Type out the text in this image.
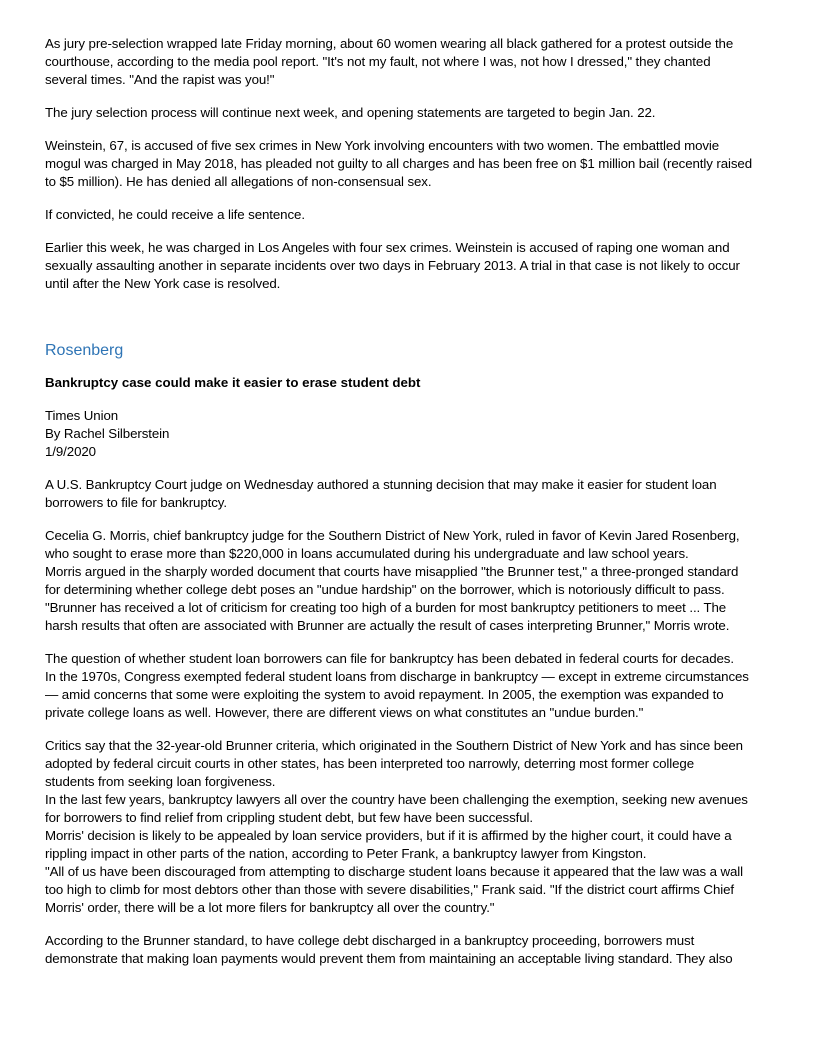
As jury pre-selection wrapped late Friday morning, about 60 women wearing all black gathered for a protest outside the
courthouse, according to the media pool report. "It's not my fault, not where I was, not how I dressed," they chanted
several times. "And the rapist was you!"

The jury selection process will continue next week, and opening statements are targeted to begin Jan. 22.

Weinstein, 67, is accused of five sex crimes in New York involving encounters with two women. The embattled movie
mogul was charged in May 2018, has pleaded not guilty to all charges and has been free on $1 million bail (recently raised
to $5 million). He has denied all allegations of non-consensual sex.

If convicted, he could receive a life sentence.

Earlier this week, he was charged in Los Angeles with four sex crimes. Weinstein is accused of raping one woman and
sexually assaulting another in separate incidents over two days in February 2013. A trial in that case is not likely to occur
until after the New York case is resolved.

Rosenberg

Bankruptcy case could make it easier to erase student debt

Times Union
By Rachel Silberstein
1/9/2020

A U.S. Bankruptcy Court judge on Wednesday authored a stunning decision that may make it easier for student loan
borrowers to file for bankruptcy.

Cecelia G. Morris, chief bankruptcy judge for the Southern District of New York, ruled in favor of Kevin Jared Rosenberg,
who sought to erase more than $220,000 in loans accumulated during his undergraduate and law school years.
Morris argued in the sharply worded document that courts have misapplied "the Brunner test," a three-pronged standard
for determining whether college debt poses an "undue hardship" on the borrower, which is notoriously difficult to pass.
"Brunner has received a lot of criticism for creating too high of a burden for most bankruptcy petitioners to meet ... The
harsh results that often are associated with Brunner are actually the result of cases interpreting Brunner," Morris wrote.

The question of whether student loan borrowers can file for bankruptcy has been debated in federal courts for decades.
In the 1970s, Congress exempted federal student loans from discharge in bankruptcy — except in extreme circumstances
— amid concerns that some were exploiting the system to avoid repayment. In 2005, the exemption was expanded to
private college loans as well. However, there are different views on what constitutes an "undue burden."

Critics say that the 32-year-old Brunner criteria, which originated in the Southern District of New York and has since been
adopted by federal circuit courts in other states, has been interpreted too narrowly, deterring most former college
students from seeking loan forgiveness.
In the last few years, bankruptcy lawyers all over the country have been challenging the exemption, seeking new avenues
for borrowers to find relief from crippling student debt, but few have been successful.
Morris' decision is likely to be appealed by loan service providers, but if it is affirmed by the higher court, it could have a
rippling impact in other parts of the nation, according to Peter Frank, a bankruptcy lawyer from Kingston.
"All of us have been discouraged from attempting to discharge student loans because it appeared that the law was a wall
too high to climb for most debtors other than those with severe disabilities," Frank said. "If the district court affirms Chief
Morris' order, there will be a lot more filers for bankruptcy all over the country."

According to the Brunner standard, to have college debt discharged in a bankruptcy proceeding, borrowers must
demonstrate that making loan payments would prevent them from maintaining an acceptable living standard. They also
